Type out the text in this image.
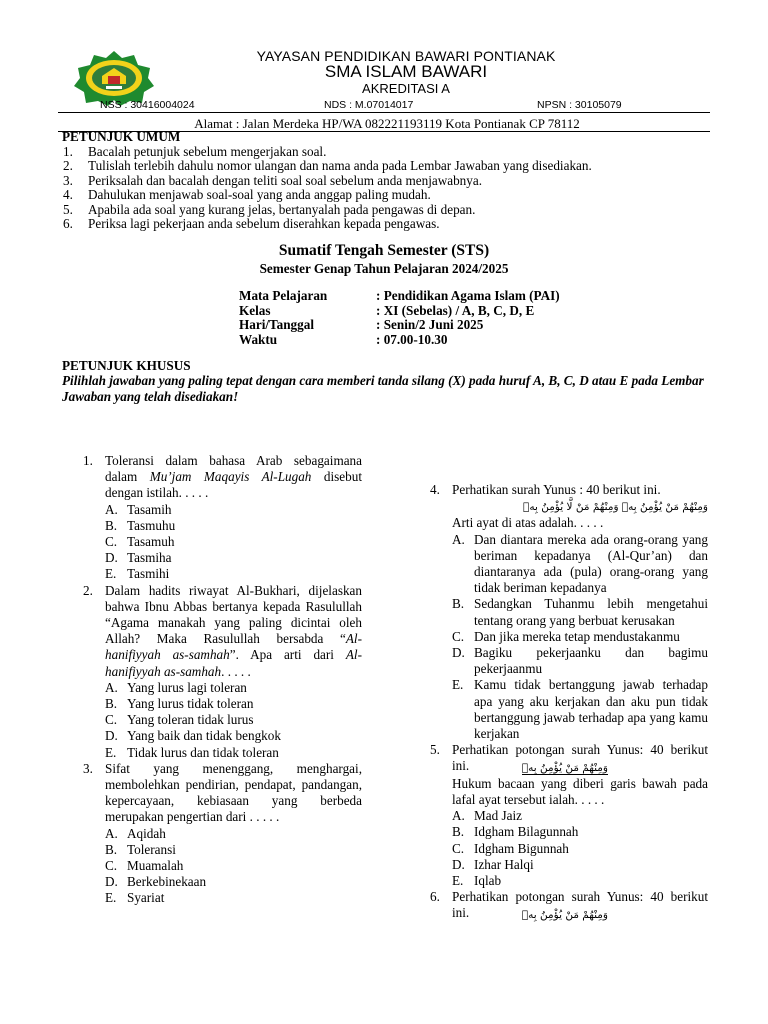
YAYASAN PENDIDIKAN BAWARI PONTIANAK
SMA ISLAM BAWARI
AKREDITASI A
NSS : 30416004024	NDS : M.07014017	NPSN : 30105079
Alamat : Jalan Merdeka HP/WA 082221193119 Kota Pontianak CP 78112
PETUNJUK UMUM
1. Bacalah petunjuk sebelum mengerjakan soal.
2. Tulislah terlebih dahulu nomor ulangan dan nama anda pada Lembar Jawaban yang disediakan.
3. Periksalah dan bacalah dengan teliti soal soal sebelum anda menjawabnya.
4. Dahulukan menjawab soal-soal yang anda anggap paling mudah.
5. Apabila ada soal yang kurang jelas, bertanyalah pada pengawas di depan.
6. Periksa lagi pekerjaan anda sebelum diserahkan kepada pengawas.
Sumatif Tengah Semester (STS)
Semester Genap Tahun Pelajaran 2024/2025
Mata Pelajaran	: Pendidikan Agama Islam (PAI)
Kelas	: XI (Sebelas) / A, B, C, D, E
Hari/Tanggal	: Senin/2 Juni 2025
Waktu	: 07.00-10.30
PETUNJUK KHUSUS
Pilihlah jawaban yang paling tepat dengan cara memberi tanda silang (X) pada huruf A, B, C, D atau E pada Lembar Jawaban yang telah disediakan!
1. Toleransi dalam bahasa Arab sebagaimana dalam Mu’jam Maqayis Al-Lugah disebut dengan istilah. . . . .
A. Tasamih
B. Tasmuhu
C. Tasamuh
D. Tasmiha
E. Tasmihi
2. Dalam hadits riwayat Al-Bukhari, dijelaskan bahwa Ibnu Abbas bertanya kepada Rasulullah “Agama manakah yang paling dicintai oleh Allah? Maka Rasulullah bersabda “Al-hanifiyyah as-samhah”. Apa arti dari Al-hanifiyyah as-samhah. . . . .
A. Yang lurus lagi toleran
B. Yang lurus tidak toleran
C. Yang toleran tidak lurus
D. Yang baik dan tidak bengkok
E. Tidak lurus dan tidak toleran
3. Sifat yang menenggang, menghargai, membolehkan pendirian, pendapat, pandangan, kepercayaan, kebiasaan yang berbeda merupakan pengertian dari . . . . .
A. Aqidah
B. Toleransi
C. Muamalah
D. Berkebinekaan
E. Syariat
4. Perhatikan surah Yunus : 40 berikut ini.
وَمِنْهُمْ مَنْ يُؤْمِنُ بِهٖ وَمِنْهُمْ مَنْ لَّا يُؤْمِنُ بِهٖ
Arti ayat di atas adalah. . . . .
A. Dan diantara mereka ada orang-orang yang beriman kepadanya (Al-Qur’an) dan diantaranya ada (pula) orang-orang yang tidak beriman kepadanya
B. Sedangkan Tuhanmu lebih mengetahui tentang orang yang berbuat kerusakan
C. Dan jika mereka tetap mendustakanmu
D. Bagiku pekerjaanku dan bagimu pekerjaanmu
E. Kamu tidak bertanggung jawab terhadap apa yang aku kerjakan dan aku pun tidak bertanggung jawab terhadap apa yang kamu kerjakan
5. Perhatikan potongan surah Yunus: 40 berikut ini.	وَمِنْهُمْ مَنْ يُؤْمِنُ بِهٖ
Hukum bacaan yang diberi garis bawah pada lafal ayat tersebut ialah. . . . .
A. Mad Jaiz
B. Idgham Bilagunnah
C. Idgham Bigunnah
D. Izhar Halqi
E. Iqlab
6. Perhatikan potongan surah Yunus: 40 berikut ini.	وَمِنْهُمْ مَنْ يُؤْمِنُ بِهٖ
